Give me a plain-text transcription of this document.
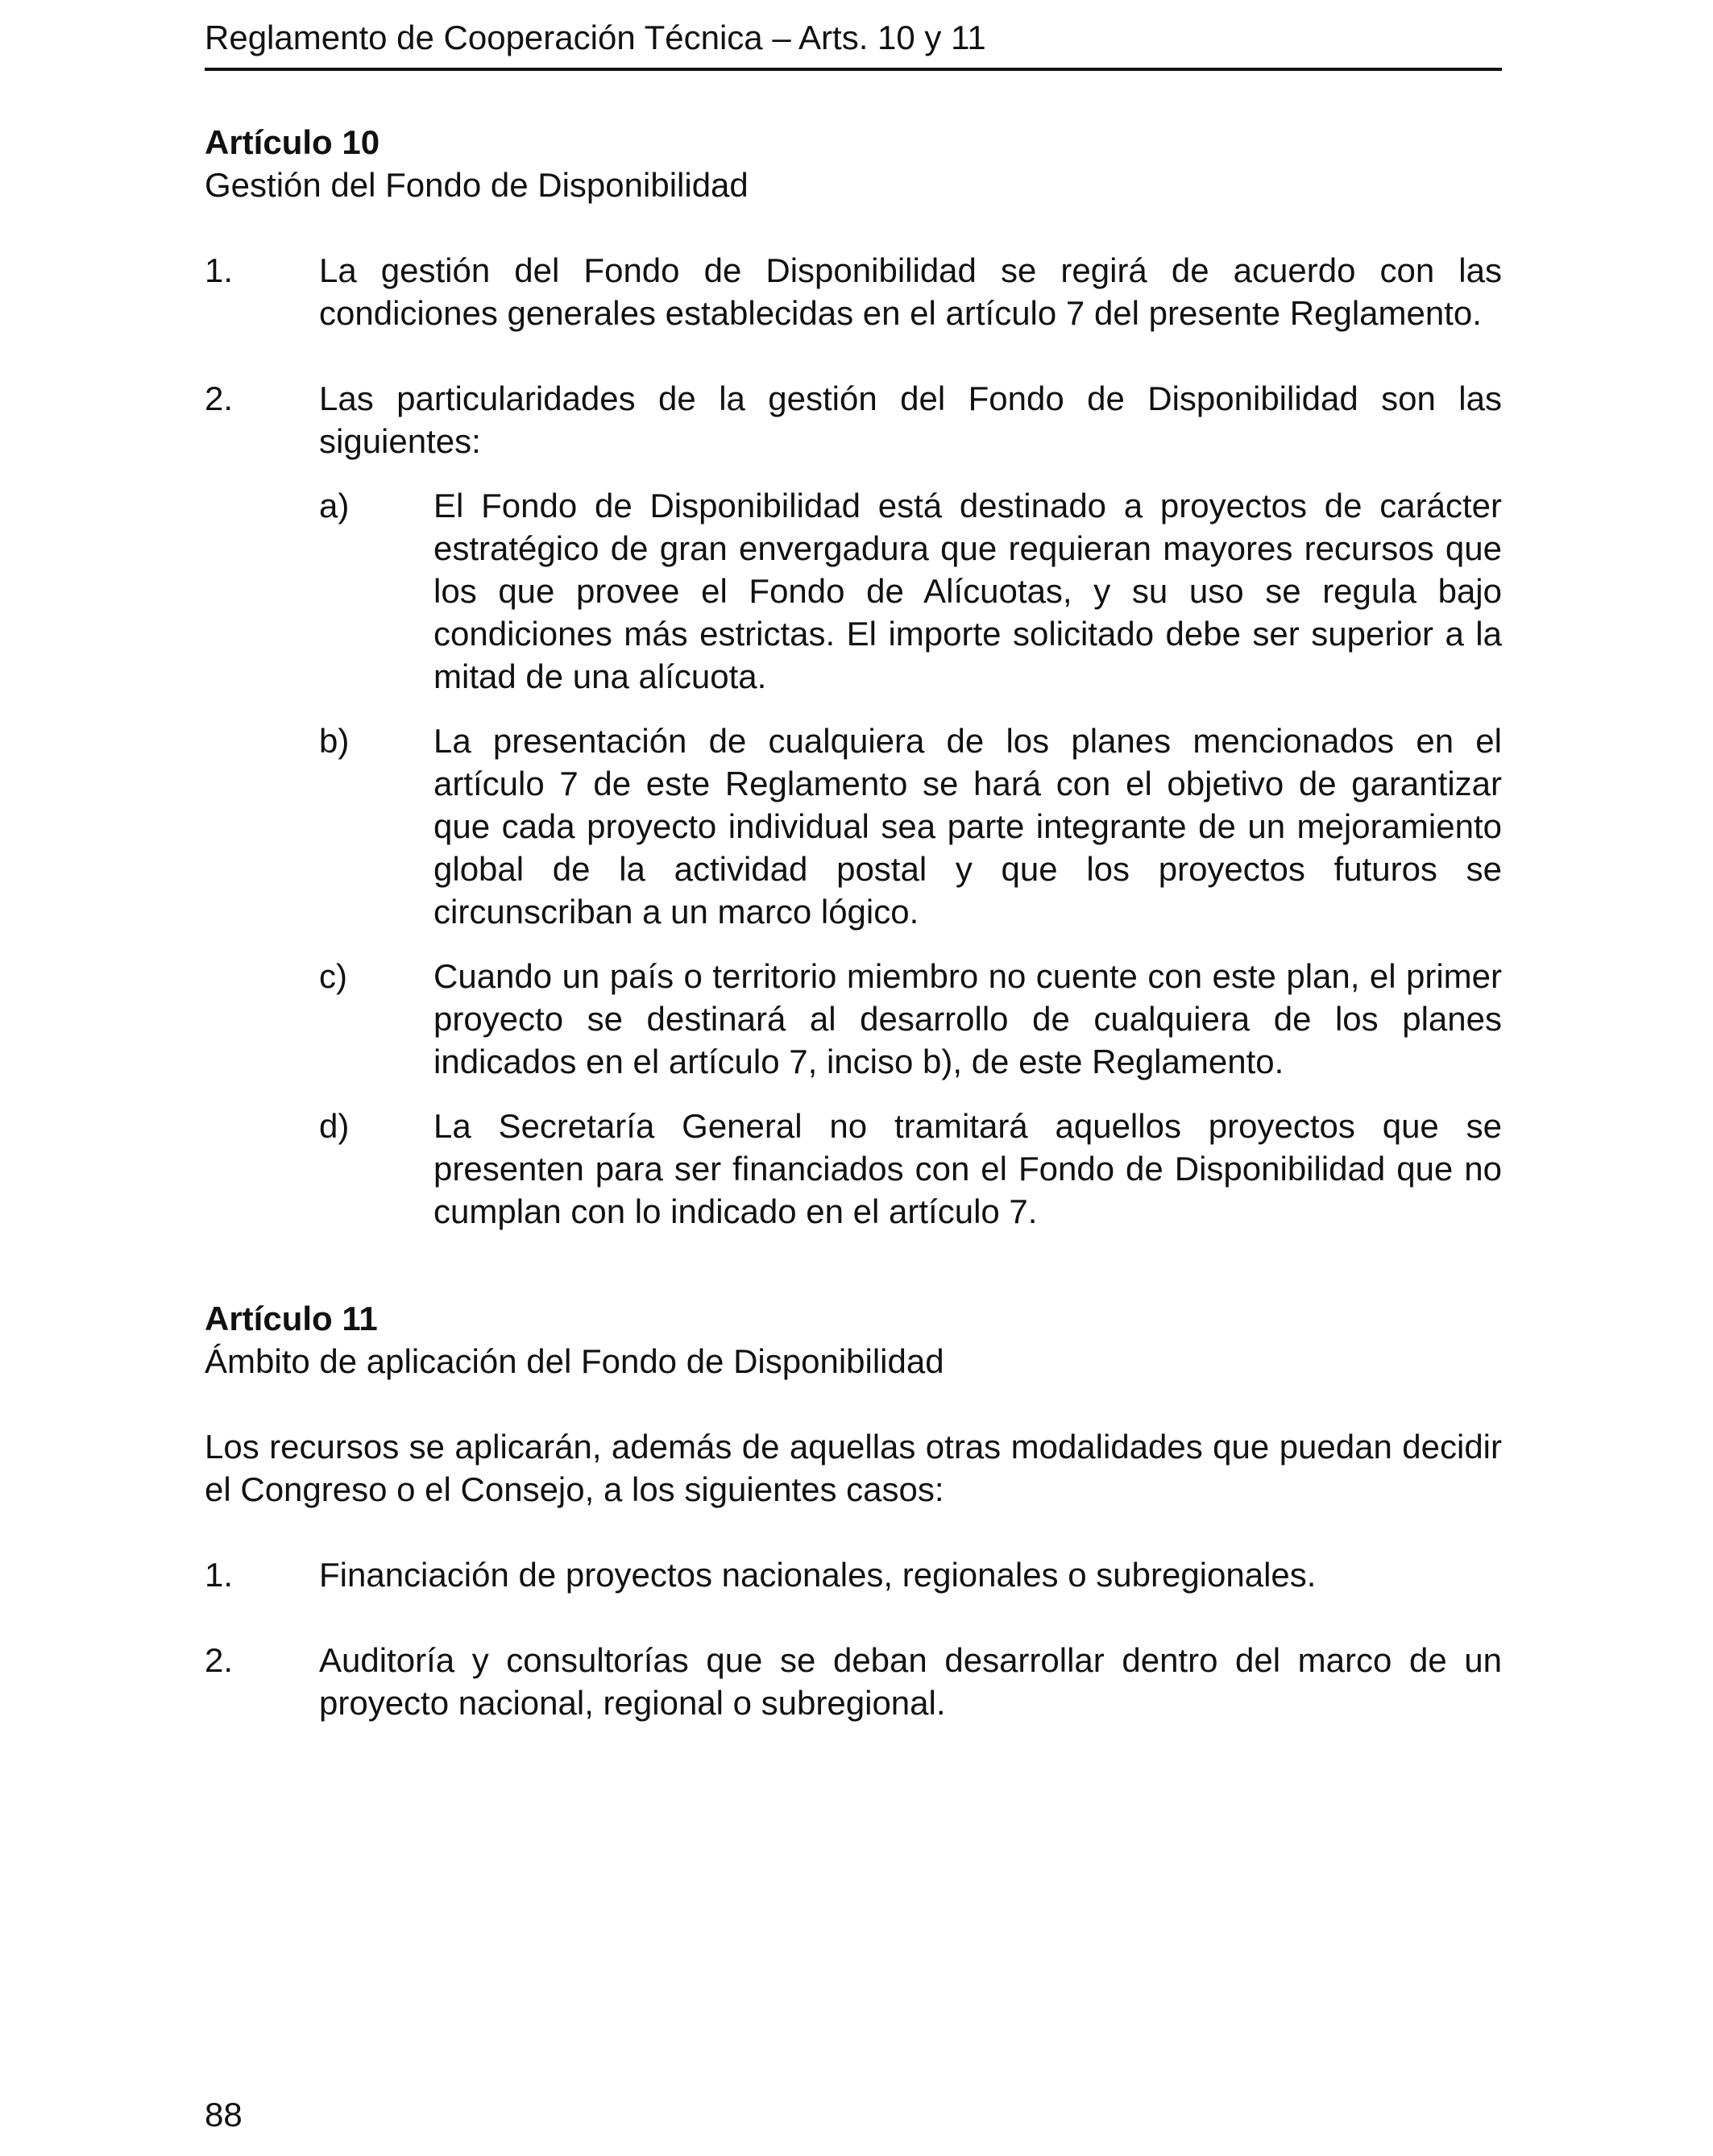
Reglamento de Cooperación Técnica – Arts. 10 y 11

Artículo 10

Gestión del Fondo de Disponibilidad

1.	La gestión del Fondo de Disponibilidad se regirá de acuerdo con las condiciones generales establecidas en el artículo 7 del presente Reglamento.
2.	Las particularidades de la gestión del Fondo de Disponibilidad son las siguientes:
a)	El Fondo de Disponibilidad está destinado a proyectos de carácter estratégico de gran envergadura que requieran mayores recursos que los que provee el Fondo de Alícuotas, y su uso se regula bajo condiciones más estrictas. El importe solicitado debe ser superior a la mitad de una alícuota.
b)	La presentación de cualquiera de los planes mencionados en el artículo 7 de este Reglamento se hará con el objetivo de garantizar que cada proyecto individual sea parte integrante de un mejoramiento global de la actividad postal y que los proyectos futuros se circunscriban a un marco lógico.
c)	Cuando un país o territorio miembro no cuente con este plan, el primer proyecto se destinará al desarrollo de cualquiera de los planes indicados en el artículo 7, inciso b), de este Reglamento.
d)	La Secretaría General no tramitará aquellos proyectos que se presenten para ser financiados con el Fondo de Disponibilidad que no cumplan con lo indicado en el artículo 7.

Artículo 11

Ámbito de aplicación del Fondo de Disponibilidad

Los recursos se aplicarán, además de aquellas otras modalidades que puedan decidir el Congreso o el Consejo, a los siguientes casos:

1.	Financiación de proyectos nacionales, regionales o subregionales.
2.	Auditoría y consultorías que se deban desarrollar dentro del marco de un proyecto nacional, regional o subregional.
88
